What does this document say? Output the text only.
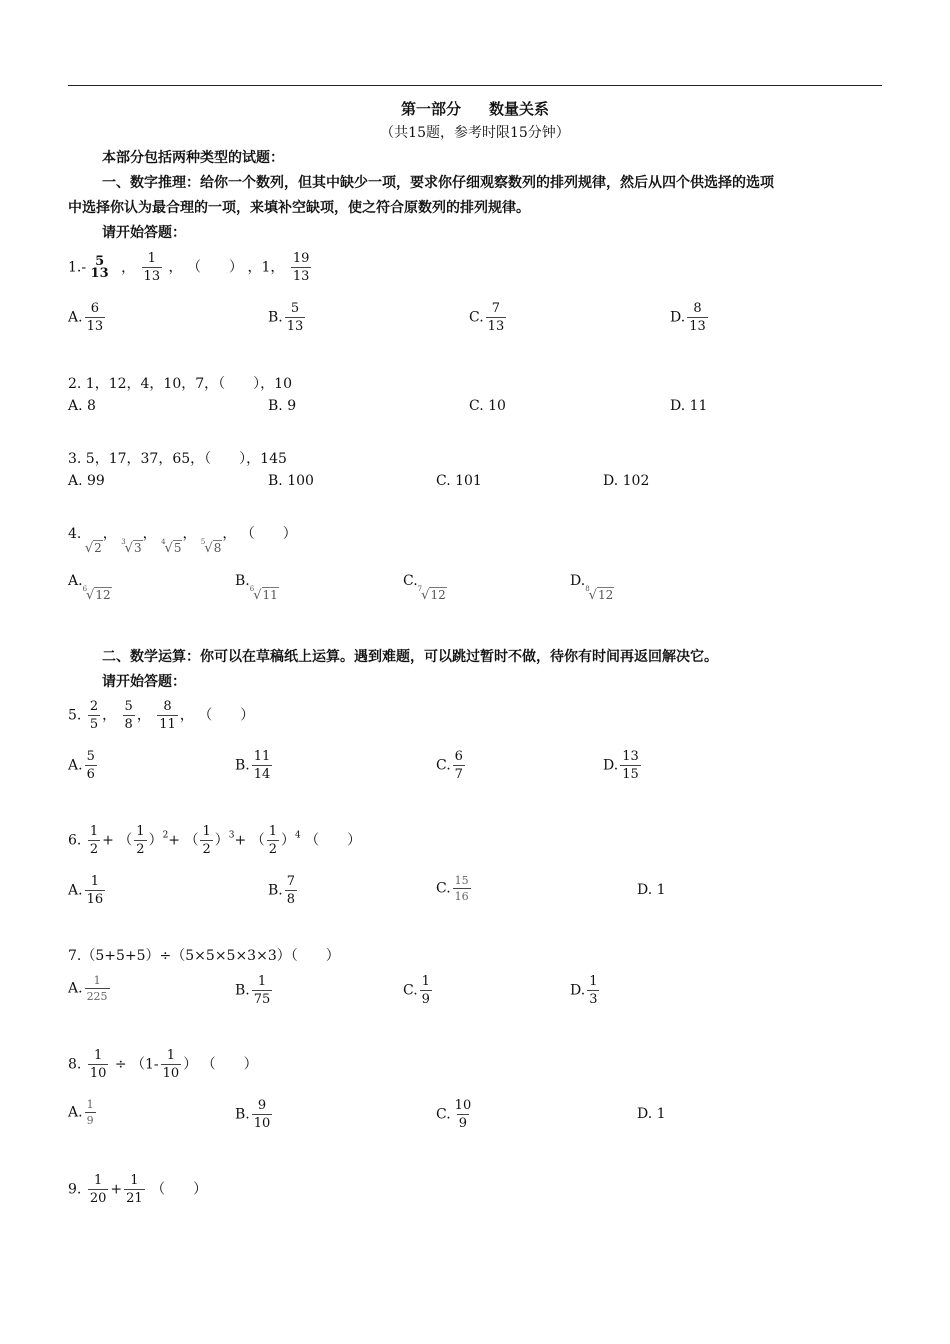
第一部分 数量关系
（共15题，参考时限15分钟）
本部分包括两种类型的试题：
一、数字推理：给你一个数列，但其中缺少一项，要求你仔细观察数列的排列规律，然后从四个供选择的选项
中选择你认为最合理的一项，来填补空缺项，使之符合原数列的排列规律。
请开始答题：
1.- 5
13 ， $\frac{1}{13}$ ， （　　） ，1， $\frac{19}{13}$
A. $\frac{6}{13}$	B. $\frac{5}{13}$	C. $\frac{7}{13}$	D. $\frac{8}{13}$
2. 1，12，4，10，7，（　　），10
A. 8	B. 9	C. 10	D. 11
3. 5，17，37，65，（　　），145
A. 99	B. 100	C. 101	D. 102
4. √2， $^3$√3， $^4$√5， $^5$√8， （　　）
A.$^6$√12
B.$^6$√11
C.$^7$√12
D.$^8$√12
二、数学运算：你可以在草稿纸上运算。遇到难题，可以跳过暂时不做，待你有时间再返回解决它。
请开始答题：
5. $\frac{2}{5}$ ， $\frac{5}{8}$ ， $\frac{8}{11}$ ， （　　）
A. $\frac{5}{6}$	B. $\frac{11}{14}$	C. $\frac{6}{7}$	D. $\frac{13}{15}$
6. $\frac{1}{2}$ + （ $\frac{1}{2} )^2+$ （ $\frac{1}{2} )^3+$ （ $\frac{1}{2} )^4$ （　　）
A. $\frac{1}{16}$	B. $\frac{7}{8}$	C. $\frac{15}{16}$	D. 1
7.（5+5+5）÷（5×5×5×3×3）（　　）
A. $\frac{1}{225}$	B. $\frac{1}{75}$	C. $\frac{1}{9}$	D. $\frac{1}{3}$
8. $\frac{1}{10} \div (1- \frac{1}{10}$ ） （　　）
A. $\frac{1}{9}$	B. $\frac{9}{10}$	C. $\frac{10}{9}$	D. 1
9. $\frac{1}{20} + \frac{1}{21}$ （　　）
